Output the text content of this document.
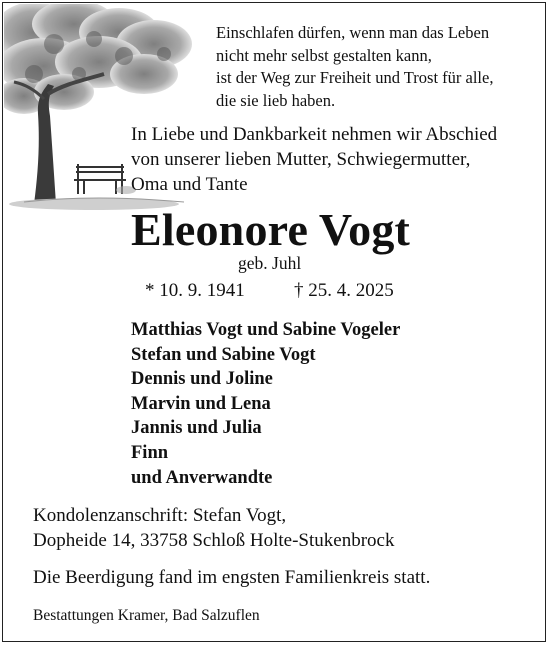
Einschlafen dürfen, wenn man das Leben
nicht mehr selbst gestalten kann,
ist der Weg zur Freiheit und Trost für alle,
die sie lieb haben.
In Liebe und Dankbarkeit nehmen wir Abschied
von unserer lieben Mutter, Schwiegermutter,
Oma und Tante
Eleonore Vogt
geb. Juhl
* 10. 9. 1941	† 25. 4. 2025
Matthias Vogt und Sabine Vogeler
Stefan und Sabine Vogt
Dennis und Joline
Marvin und Lena
Jannis und Julia
Finn
und Anverwandte
Kondolenzanschrift: Stefan Vogt,
Dopheide 14, 33758 Schloß Holte-Stukenbrock
Die Beerdigung fand im engsten Familienkreis statt.
Bestattungen Kramer, Bad Salzuflen
